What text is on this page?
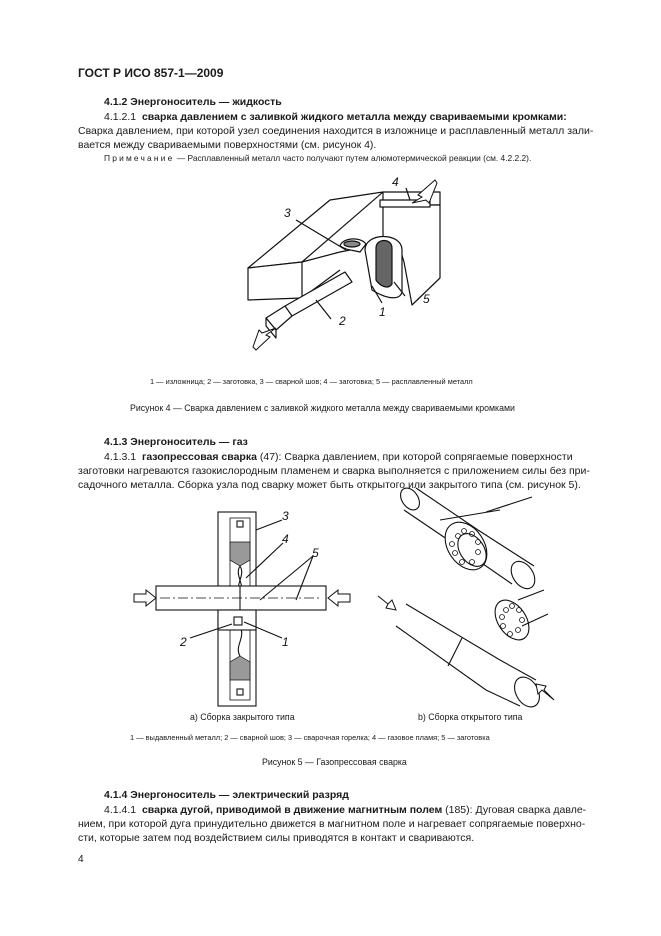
ГОСТ Р ИСО 857-1—2009
4.1.2 Энергоноситель — жидкость
4.1.2.1 сварка давлением с заливкой жидкого металла между свариваемыми кромками:
Сварка давлением, при которой узел соединения находится в изложнице и расплавленный металл зали-
вается между свариваемыми поверхностями (см. рисунок 4).
Примечание — Расплавленный металл часто получают путем алюмотермической реакции (см. 4.2.2.2).
4
3
5
1
2
1 — изложница; 2 — заготовка, 3 — сварной шов; 4 — заготовка; 5 — расплавленный металл
Рисунок 4 — Сварка давлением с заливкой жидкого металла между свариваемыми кромками
4.1.3 Энергоноситель — газ
4.1.3.1 газопрессовая сварка (47): Сварка давлением, при которой сопрягаемые поверхности
заготовки нагреваются газокислородным пламенем и сварка выполняется с приложением силы без при-
садочного металла. Сборка узла под сварку может быть открытого или закрытого типа (см. рисунок 5).
3
4
5
2	1
а) Сборка закрытого типа	b) Сборка открытого типа
1 — выдавленный металл; 2 — сварной шов; 3 — сварочная горелка; 4 — газовое пламя; 5 — заготовка
Рисунок 5 — Газопрессовая сварка
4.1.4 Энергоноситель — электрический разряд
4.1.4.1 сварка дугой, приводимой в движение магнитным полем (185): Дуговая сварка давле-
нием, при которой дуга принудительно движется в магнитном поле и нагревает сопрягаемые поверхно-
сти, которые затем под воздействием силы приводятся в контакт и свариваются.
4
